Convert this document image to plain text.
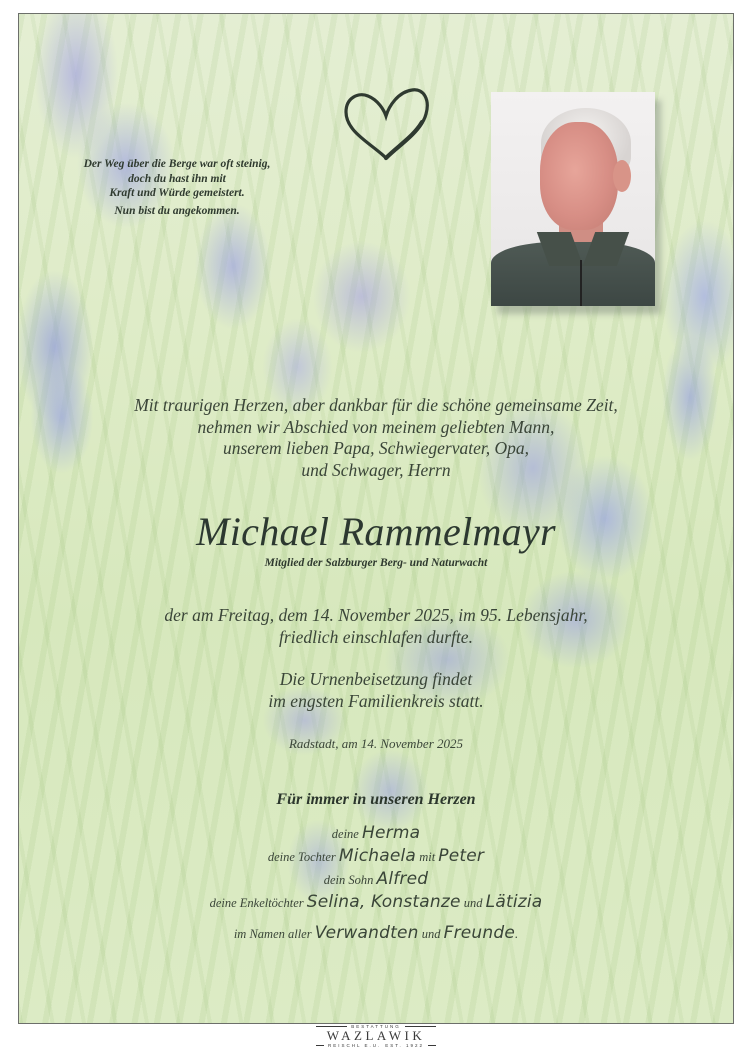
Der Weg über die Berge war oft steinig,
doch du hast ihn mit
Kraft und Würde gemeistert.
Nun bist du angekommen.
Mit traurigen Herzen, aber dankbar für die schöne gemeinsame Zeit,
nehmen wir Abschied von meinem geliebten Mann,
unserem lieben Papa, Schwiegervater, Opa,
und Schwager, Herrn
Michael Rammelmayr
Mitglied der Salzburger Berg- und Naturwacht
der am Freitag, dem 14. November 2025, im 95. Lebensjahr,
friedlich einschlafen durfte.
Die Urnenbeisetzung findet
im engsten Familienkreis statt.
Radstadt, am 14. November 2025
Für immer in unseren Herzen
deine Herma
deine Tochter Michaela mit Peter
dein Sohn Alfred
deine Enkeltöchter Selina, Konstanze und Lätizia
im Namen aller Verwandten und Freunde.
BESTATTUNG
WAZLAWIK
REISCHL E.U. EST. 1922
